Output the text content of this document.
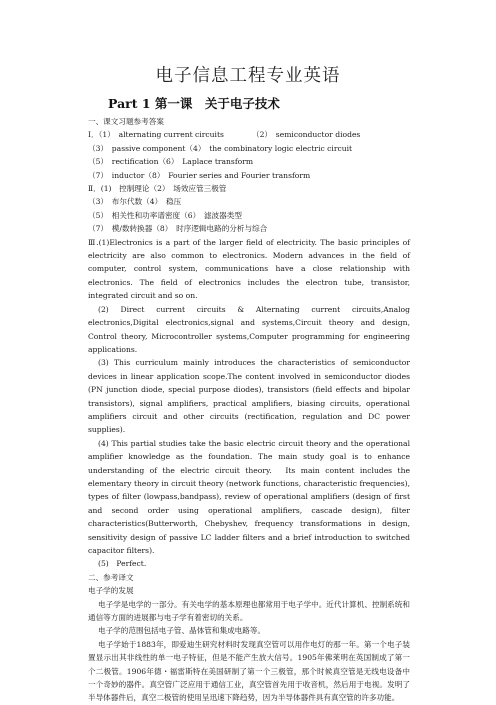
电子信息工程专业英语
Part 1 第一课　关于电子技术
一、课文习题参考答案
Ⅰ．（1）　alternating current circuits	（2）　semiconductor diodes
（3）　passive component（4）　the combinatory logic electric circuit
（5）　rectification（6）　Laplace transform
（7）　inductor（8）　Fourier series and Fourier transform
Ⅱ．(1)　控制理论（2）　场效应管三极管
（3）　布尔代数（4）　稳压
（5）　相关性和功率谱密度（6）　滤波器类型
（7）　模/数转换器（8）　时序逻辑电路的分析与综合

Ⅲ.(1)Electronics is a part of the larger field of electricity. The basic principles of electricity are also common to electronics. Modern advances in the field of computer, control system, communications have a close relationship with electronics. The field of electronics includes the electron tube, transistor, integrated circuit and so on.

(2) Direct current circuits & Alternating current circuits,Analog electronics,Digital electronics,signal and systems,Circuit theory and design, Control theory, Microcontroller systems,Computer programming for engineering applications.

(3) This curriculum mainly introduces the characteristics of semiconductor devices in linear application scope.The content involved in semiconductor diodes (PN junction diode, special purpose diodes), transistors (field effects and bipolar transistors), signal amplifiers, practical amplifiers, biasing circuits, operational amplifiers circuit and other circuits (rectification, regulation and DC power supplies).

(4) This partial studies take the basic electric circuit theory and the operational amplifier knowledge as the foundation. The main study goal is to enhance understanding of the electric circuit theory.　Its main content includes the elementary theory in circuit theory (network functions, characteristic frequencies), types of filter (lowpass,bandpass), review of operational amplifiers (design of first and second order using operational amplifiers, cascade design), filter characteristics(Butterworth, Chebyshev, frequency transformations in design, sensitivity design of passive LC ladder filters and a brief introduction to switched capacitor filters).

(5)　Perfect.

二、参考译文
电子学的发展

电子学是电学的一部分。有关电学的基本原理也都常用于电子学中。近代计算机、控制系统和通信等方面的进展都与电子学有着密切的关系。

电子学的范围包括电子管、晶体管和集成电路等。

电子学始于1883年，即爱迪生研究材料时发现真空管可以用作电灯的那一年。第一个电子装置显示出其非线性的单一电子特征，但是不能产生放大信号。1905年佛莱明在英国制成了第一个二极管。1906年德・福雷斯特在美国研制了第一个三极管，那个时候真空管是无线电设备中一个奇妙的器件。真空管广泛应用于通信工业，真空管首先用于收音机，然后用于电视。发明了半导体器件后，真空二极管的使用呈迅速下降趋势，因为半导体器件具有真空管的许多功能。
